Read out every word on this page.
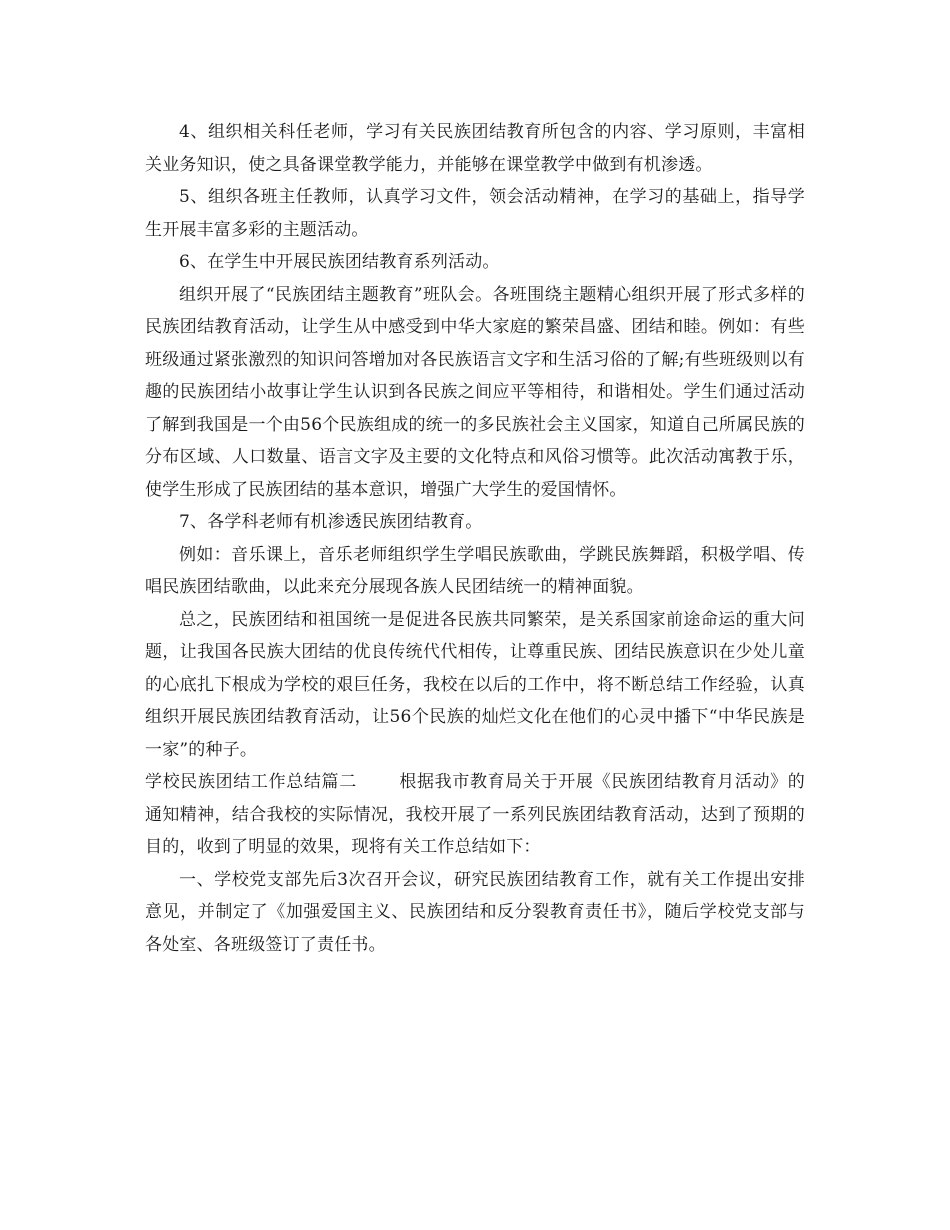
4、组织相关科任老师，学习有关民族团结教育所包含的内容、学习原则，丰富相关业务知识，使之具备课堂教学能力，并能够在课堂教学中做到有机渗透。

5、组织各班主任教师，认真学习文件，领会活动精神，在学习的基础上，指导学生开展丰富多彩的主题活动。

6、在学生中开展民族团结教育系列活动。

组织开展了“民族团结主题教育”班队会。各班围绕主题精心组织开展了形式多样的民族团结教育活动，让学生从中感受到中华大家庭的繁荣昌盛、团结和睦。例如：有些班级通过紧张激烈的知识问答增加对各民族语言文字和生活习俗的了解;有些班级则以有趣的民族团结小故事让学生认识到各民族之间应平等相待，和谐相处。学生们通过活动了解到我国是一个由56个民族组成的统一的多民族社会主义国家，知道自己所属民族的分布区域、人口数量、语言文字及主要的文化特点和风俗习惯等。此次活动寓教于乐，使学生形成了民族团结的基本意识，增强广大学生的爱国情怀。

7、各学科老师有机渗透民族团结教育。

例如：音乐课上，音乐老师组织学生学唱民族歌曲，学跳民族舞蹈，积极学唱、传唱民族团结歌曲，以此来充分展现各族人民团结统一的精神面貌。

总之，民族团结和祖国统一是促进各民族共同繁荣，是关系国家前途命运的重大问题，让我国各民族大团结的优良传统代代相传，让尊重民族、团结民族意识在少处儿童的心底扎下根成为学校的艰巨任务，我校在以后的工作中，将不断总结工作经验，认真组织开展民族团结教育活动，让56个民族的灿烂文化在他们的心灵中播下“中华民族是一家”的种子。

学校民族团结工作总结篇二	根据我市教育局关于开展《民族团结教育月活动》的通知精神，结合我校的实际情况，我校开展了一系列民族团结教育活动，达到了预期的目的，收到了明显的效果，现将有关工作总结如下：

一、学校党支部先后3次召开会议，研究民族团结教育工作，就有关工作提出安排意见，并制定了《加强爱国主义、民族团结和反分裂教育责任书》，随后学校党支部与各处室、各班级签订了责任书。
